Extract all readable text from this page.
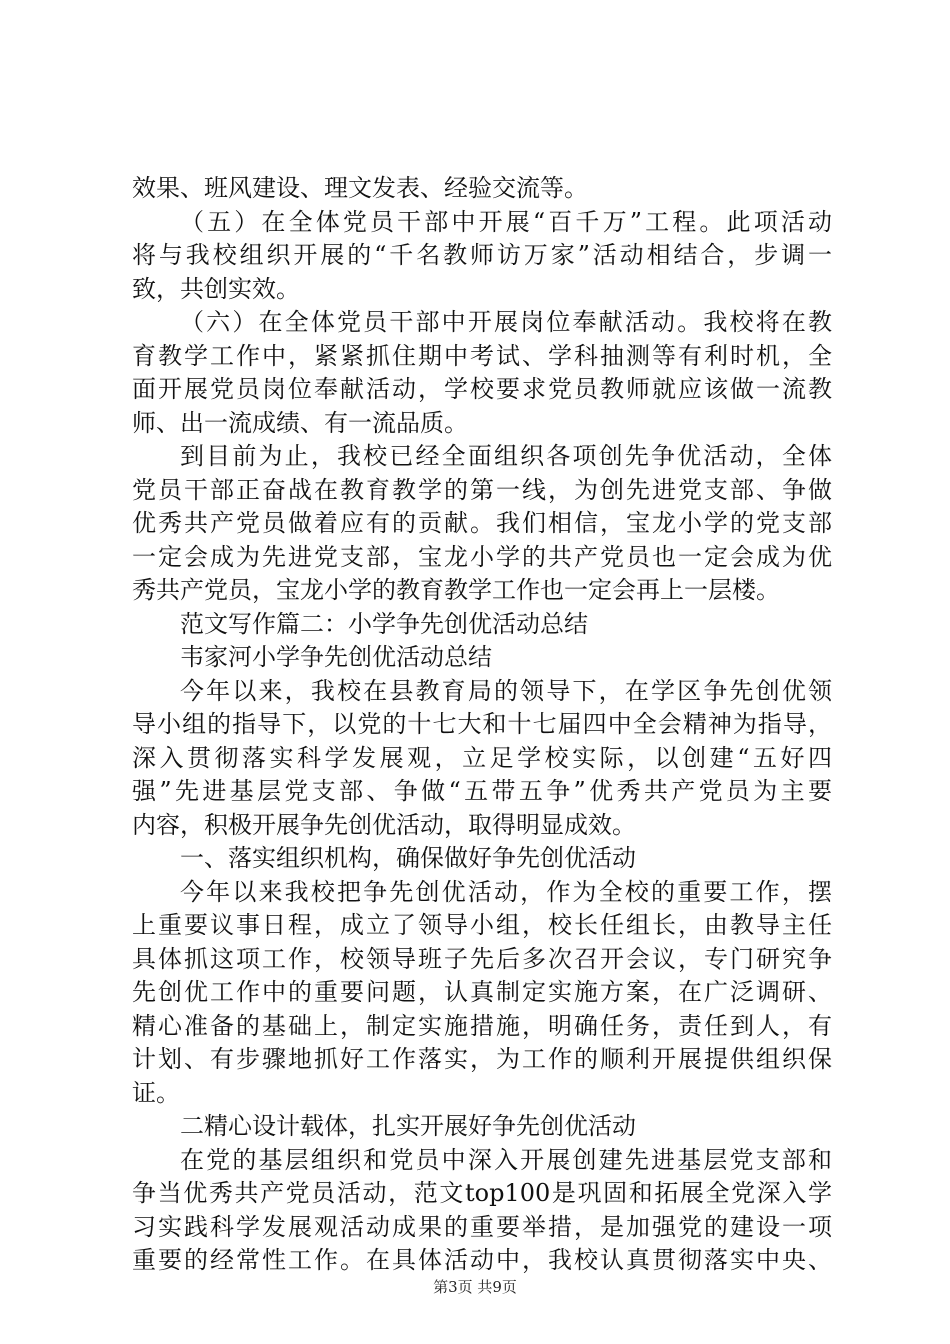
效果、班风建设、理文发表、经验交流等。
（五）在全体党员干部中开展“百千万”工程。此项活动
将与我校组织开展的“千名教师访万家”活动相结合，步调一
致，共创实效。
（六）在全体党员干部中开展岗位奉献活动。我校将在教
育教学工作中，紧紧抓住期中考试、学科抽测等有利时机，全
面开展党员岗位奉献活动，学校要求党员教师就应该做一流教
师、出一流成绩、有一流品质。
到目前为止，我校已经全面组织各项创先争优活动，全体
党员干部正奋战在教育教学的第一线，为创先进党支部、争做
优秀共产党员做着应有的贡献。我们相信，宝龙小学的党支部
一定会成为先进党支部，宝龙小学的共产党员也一定会成为优
秀共产党员，宝龙小学的教育教学工作也一定会再上一层楼。
范文写作篇二：小学争先创优活动总结
韦家河小学争先创优活动总结
今年以来，我校在县教育局的领导下，在学区争先创优领
导小组的指导下，以党的十七大和十七届四中全会精神为指导，
深入贯彻落实科学发展观，立足学校实际，以创建“五好四
强”先进基层党支部、争做“五带五争”优秀共产党员为主要
内容，积极开展争先创优活动，取得明显成效。
一、落实组织机构，确保做好争先创优活动
今年以来我校把争先创优活动，作为全校的重要工作，摆
上重要议事日程，成立了领导小组，校长任组长，由教导主任
具体抓这项工作，校领导班子先后多次召开会议，专门研究争
先创优工作中的重要问题，认真制定实施方案，在广泛调研、
精心准备的基础上，制定实施措施，明确任务，责任到人，有
计划、有步骤地抓好工作落实，为工作的顺利开展提供组织保
证。
二精心设计载体，扎实开展好争先创优活动
在党的基层组织和党员中深入开展创建先进基层党支部和
争当优秀共产党员活动，范文top100是巩固和拓展全党深入学
习实践科学发展观活动成果的重要举措，是加强党的建设一项
重要的经常性工作。在具体活动中，我校认真贯彻落实中央、
第3页 共9页
